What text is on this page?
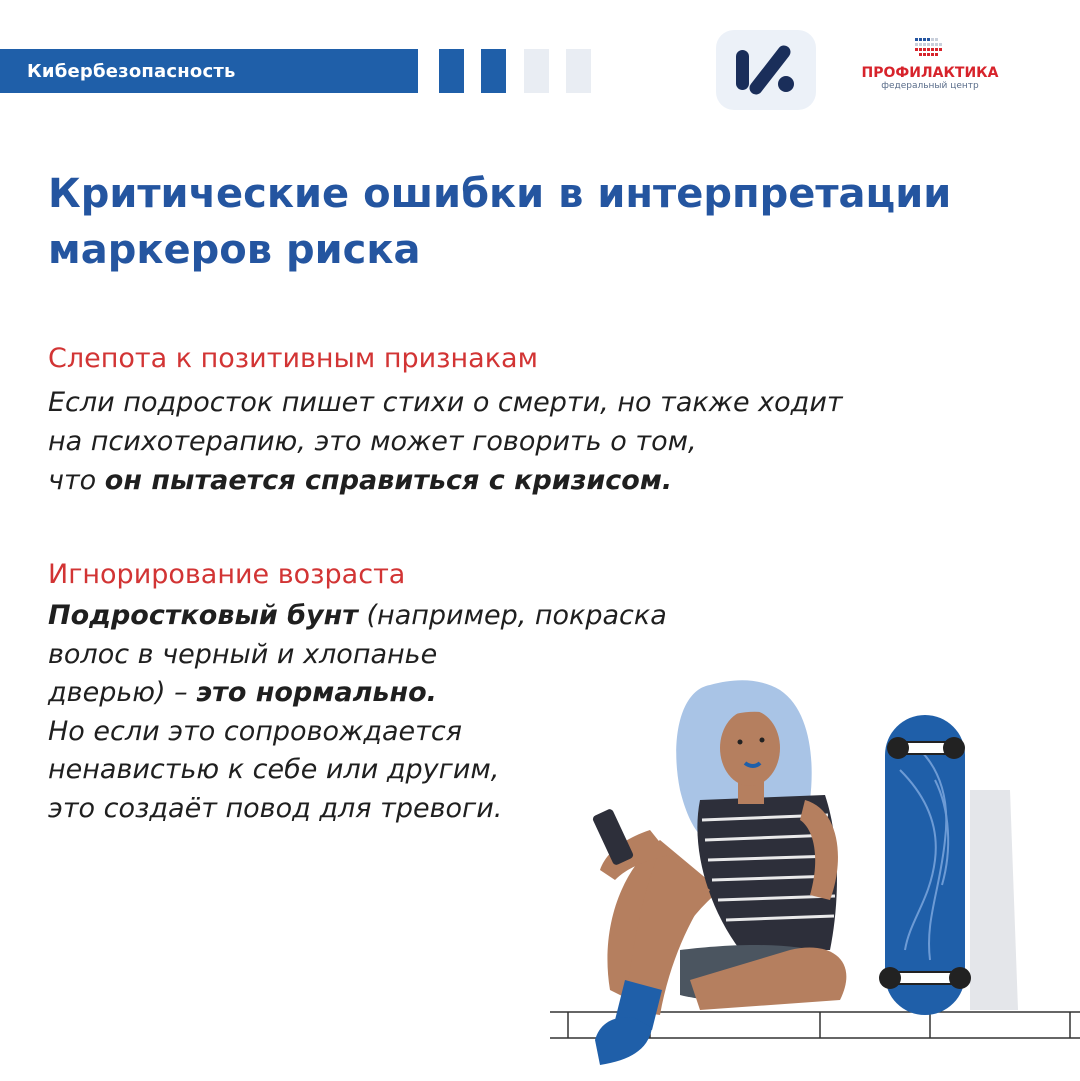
Кибербезопасность	ПРОФИЛАКТИКА
федеральный центр
Критические ошибки в интерпретации
маркеров риска
Слепота к позитивным признакам
Если подросток пишет стихи о смерти, но также ходит
на психотерапию, это может говорить о том,
что он пытается справиться с кризисом.
Игнорирование возраста
Подростковый бунт (например, покраска
волос в черный и хлопанье
дверью) – это нормально.
Но если это сопровождается
ненавистью к себе или другим,
это создаёт повод для тревоги.
